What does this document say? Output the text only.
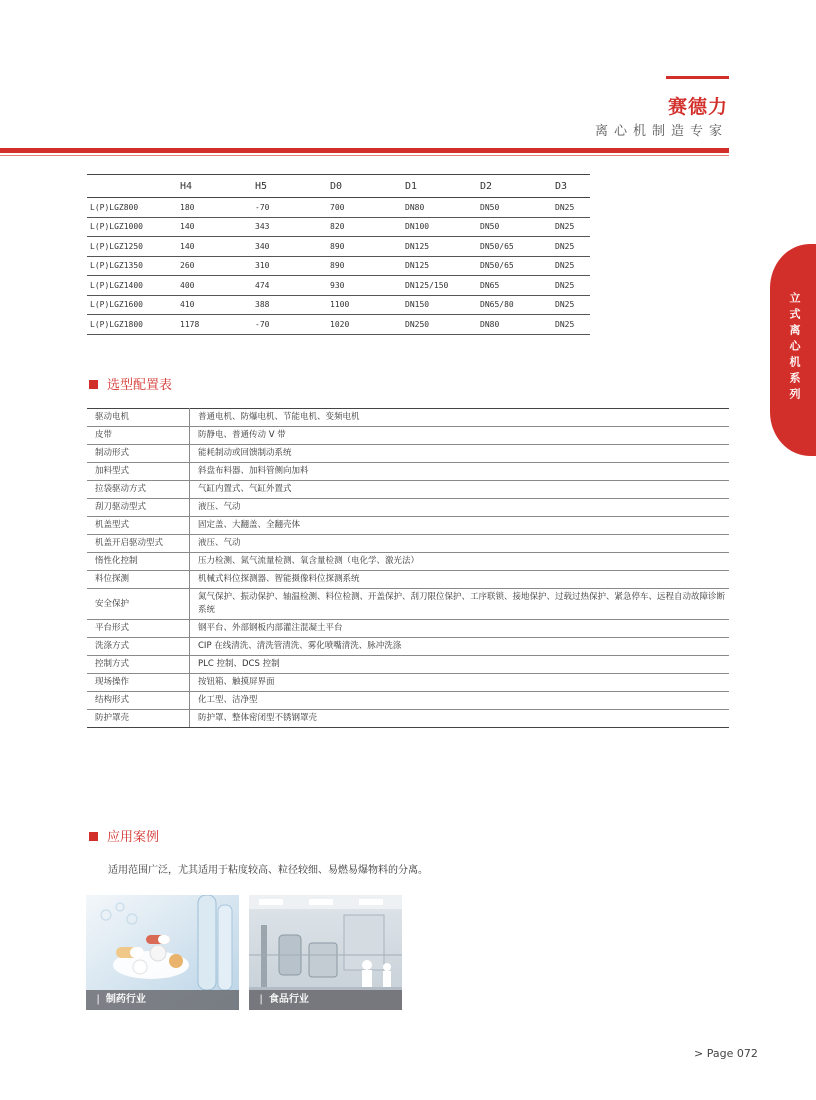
赛德力
离心机制造专家
立式离心机系列
	H4	H5	D0	D1	D2	D3
L(P)LGZ800	180	-70	700	DN80	DN50	DN25
L(P)LGZ1000	140	343	820	DN100	DN50	DN25
L(P)LGZ1250	140	340	890	DN125	DN50/65	DN25
L(P)LGZ1350	260	310	890	DN125	DN50/65	DN25
L(P)LGZ1400	400	474	930	DN125/150	DN65	DN25
L(P)LGZ1600	410	388	1100	DN150	DN65/80	DN25
L(P)LGZ1800	1178	-70	1020	DN250	DN80	DN25
选型配置表
驱动电机	普通电机、防爆电机、节能电机、变频电机
皮带	防静电、普通传动 V 带
制动形式	能耗制动或回馈制动系统
加料型式	斜盘布料器、加料管侧向加料
拉袋驱动方式	气缸内置式、气缸外置式
刮刀驱动型式	液压、气动
机盖型式	固定盖、大翻盖、全翻壳体
机盖开启驱动型式	液压、气动
惰性化控制	压力检测、氮气流量检测、氧含量检测（电化学、激光法）
料位探测	机械式料位探测器、智能摄像料位探测系统
安全保护	氮气保护、振动保护、轴温检测、料位检测、开盖保护、刮刀限位保护、工序联锁、接地保护、过载过热保护、紧急停车、远程自动故障诊断系统
平台形式	钢平台、外部钢板内部灌注混凝土平台
洗涤方式	CIP 在线清洗、清洗管清洗、雾化喷嘴清洗、脉冲洗涤
控制方式	PLC 控制、DCS 控制
现场操作	按钮箱、触摸屏界面
结构形式	化工型、洁净型
防护罩壳	防护罩、整体密闭型不锈钢罩壳
应用案例
适用范围广泛，尤其适用于粘度较高、粒径较细、易燃易爆物料的分离。
❘ 制药行业	❘ 食品行业
> Page 072
